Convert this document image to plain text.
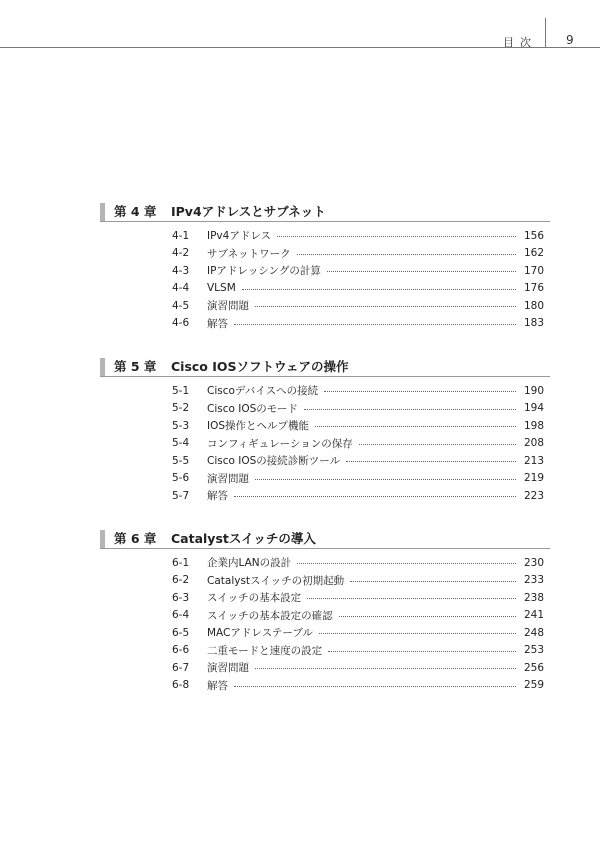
目次 9
第 4 章 IPv4アドレスとサブネット
4-1	IPv4アドレス	156
4-2	サブネットワーク	162
4-3	IPアドレッシングの計算	170
4-4	VLSM	176
4-5	演習問題	180
4-6	解答	183
第 5 章 Cisco IOSソフトウェアの操作
5-1	Ciscoデバイスへの接続	190
5-2	Cisco IOSのモード	194
5-3	IOS操作とヘルプ機能	198
5-4	コンフィギュレーションの保存	208
5-5	Cisco IOSの接続診断ツール	213
5-6	演習問題	219
5-7	解答	223
第 6 章 Catalystスイッチの導入
6-1	企業内LANの設計	230
6-2	Catalystスイッチの初期起動	233
6-3	スイッチの基本設定	238
6-4	スイッチの基本設定の確認	241
6-5	MACアドレステーブル	248
6-6	二重モードと速度の設定	253
6-7	演習問題	256
6-8	解答	259
